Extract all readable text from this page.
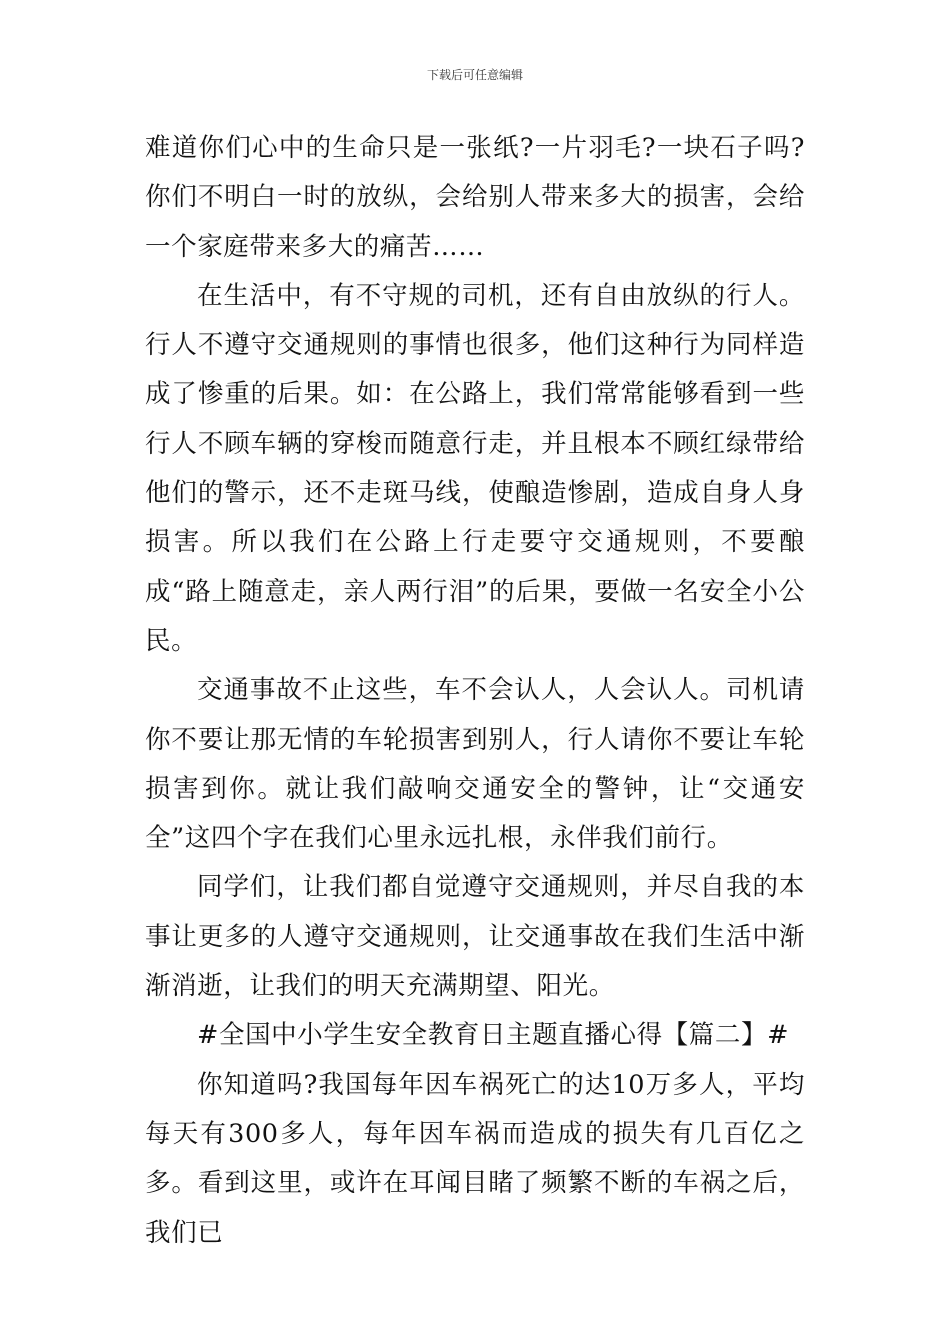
下载后可任意编辑

难道你们心中的生命只是一张纸?一片羽毛?一块石子吗?你们不明白一时的放纵，会给别人带来多大的损害，会给一个家庭带来多大的痛苦……

在生活中，有不守规的司机，还有自由放纵的行人。行人不遵守交通规则的事情也很多，他们这种行为同样造成了惨重的后果。如：在公路上，我们常常能够看到一些行人不顾车辆的穿梭而随意行走，并且根本不顾红绿带给他们的警示，还不走斑马线，使酿造惨剧，造成自身人身损害。所以我们在公路上行走要守交通规则，不要酿成“路上随意走，亲人两行泪”的后果，要做一名安全小公民。

交通事故不止这些，车不会认人，人会认人。司机请你不要让那无情的车轮损害到别人，行人请你不要让车轮损害到你。就让我们敲响交通安全的警钟，让“交通安全”这四个字在我们心里永远扎根，永伴我们前行。

同学们，让我们都自觉遵守交通规则，并尽自我的本事让更多的人遵守交通规则，让交通事故在我们生活中渐渐消逝，让我们的明天充满期望、阳光。

#全国中小学生安全教育日主题直播心得【篇二】#

你知道吗?我国每年因车祸死亡的达10万多人，平均每天有300多人，每年因车祸而造成的损失有几百亿之多。看到这里，或许在耳闻目睹了频繁不断的车祸之后，我们已
